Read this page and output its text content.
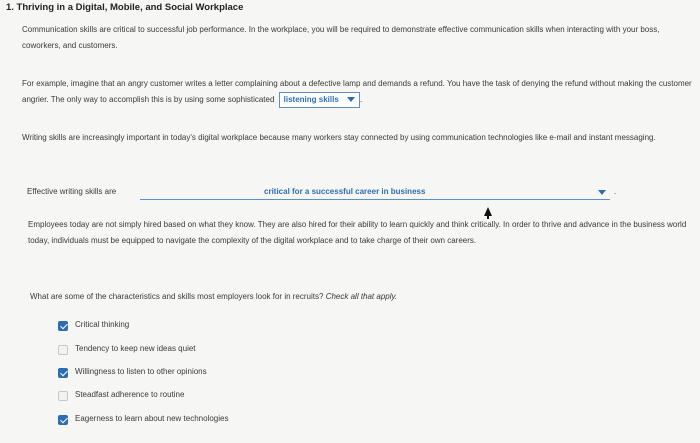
1. Thriving in a Digital, Mobile, and Social Workplace

Communication skills are critical to successful job performance. In the workplace, you will be required to demonstrate effective communication skills when interacting with your boss, coworkers, and customers.

For example, imagine that an angry customer writes a letter complaining about a defective lamp and demands a refund. You have the task of denying the refund without making the customer angrier. The only way to accomplish this is by using some sophisticated listening skills	.

Writing skills are increasingly important in today's digital workplace because many workers stay connected by using communication technologies like e-mail and instant messaging.

Effective writing skills are	critical for a successful career in business	.

Employees today are not simply hired based on what they know. They are also hired for their ability to learn quickly and think critically. In order to thrive and advance in the business world today, individuals must be equipped to navigate the complexity of the digital workplace and to take charge of their own careers.

What are some of the characteristics and skills most employers look for in recruits? Check all that apply.

Critical thinking
Tendency to keep new ideas quiet
Willingness to listen to other opinions
Steadfast adherence to routine
Eagerness to learn about new technologies
